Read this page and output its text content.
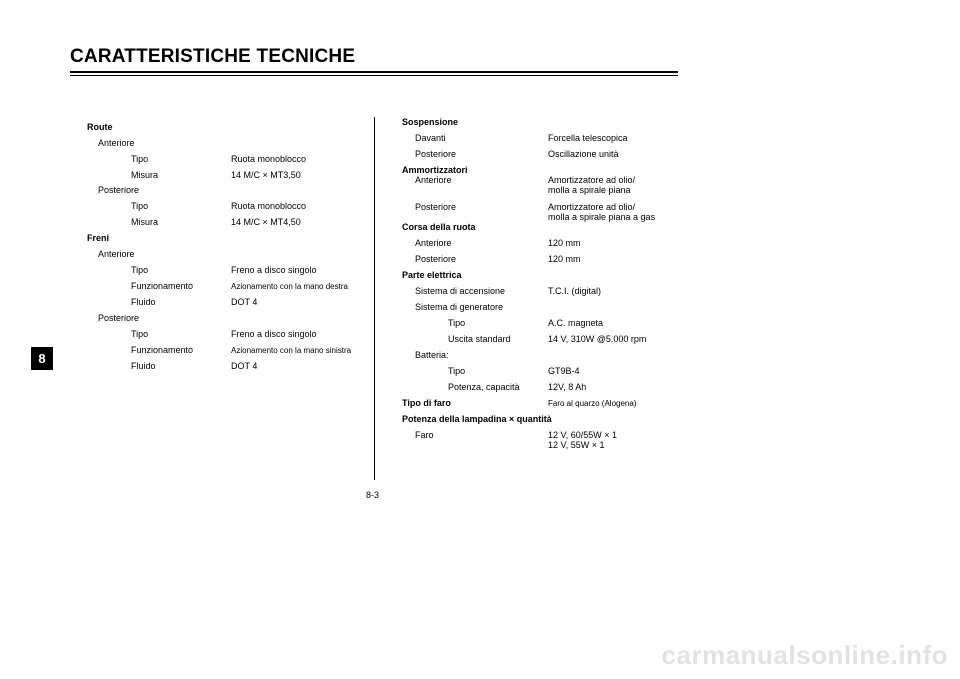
CARATTERISTICHE TECNICHE
8
Route
Anteriore
Tipo	Ruota monoblocco
Misura	14 M/C × MT3,50
Posteriore
Tipo	Ruota monoblocco
Misura	14 M/C × MT4,50
Freni
Anteriore
Tipo	Freno a disco singolo
Funzionamento	Azionamento con la mano destra
Fluido	DOT 4
Posteriore
Tipo	Freno a disco singolo
Funzionamento	Azionamento con la mano sinistra
Fluido	DOT 4
Sospensione
Davanti	Forcella telescopica
Posteriore	Oscillazione unità
Ammortizzatori
Anteriore	Amortizzatore ad olio/
molla a spirale piana
Posteriore	Amortizzatore ad olio/
molla a spirale piana a gas
Corsa della ruota
Anteriore	120 mm
Posteriore	120 mm
Parte elettrica
Sistema di accensione	T.C.I. (digital)
Sistema di generatore
Tipo	A.C. magneta
Uscita standard	14 V, 310W @5.000 rpm
Batteria:
Tipo	GT9B-4
Potenza, capacità	12V, 8 Ah
Tipo di faro	Faro al quarzo (Alogena)
Potenza della lampadina × quantità
Faro	12 V, 60/55W × 1
12 V, 55W × 1
8-3
carmanualsonline.info
